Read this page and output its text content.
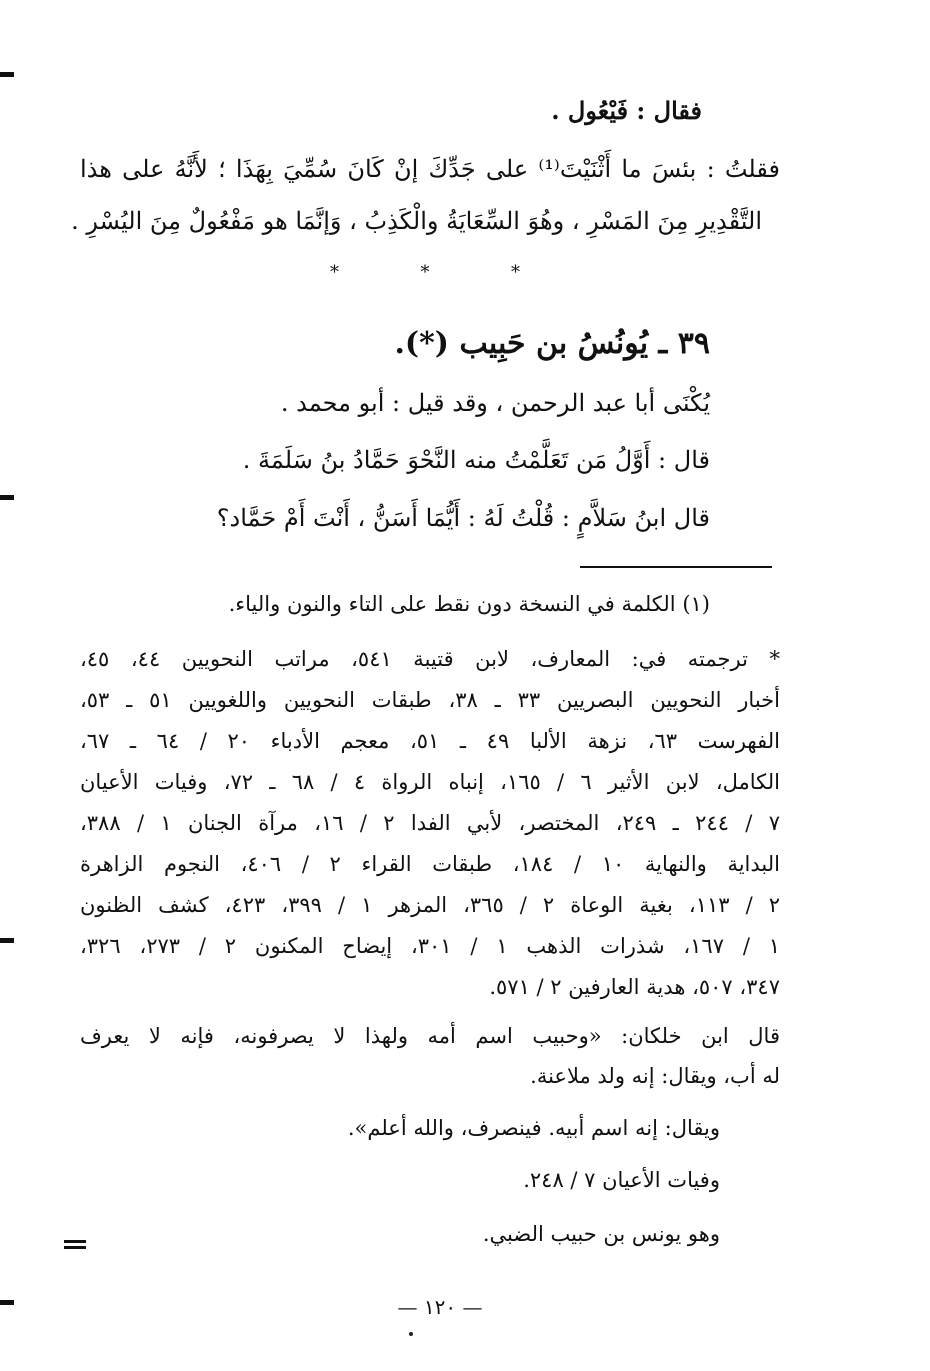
فقال : فَيْعُول .
فقلتُ : بئسَ ما أَثْنَيْتَ⁽¹⁾ على جَدِّكَ إنْ كَانَ سُمِّيَ بِهَذَا ؛ لأَنَّهُ على هذا
التَّقْدِيرِ مِنَ المَسْرِ ، وهُوَ السِّعَايَةُ والْكَذِبُ ، وَإنَّمَا هو مَفْعُولٌ مِنَ اليُسْرِ .
*	*	*
٣٩ ـ يُونُسُ بن حَبِيب (*).
يُكْنَى أبا عبد الرحمن ، وقد قيل : أبو محمد .
قال : أَوَّلُ مَن تَعَلَّمْتُ منه النَّحْوَ حَمَّادُ بنُ سَلَمَةَ .
قال ابنُ سَلاَّمٍ : قُلْتُ لَهُ : أَيُّمَا أَسَنُّ ، أَنْتَ أَمْ حَمَّاد؟
(١) الكلمة في النسخة دون نقط على التاء والنون والياء.
* ترجمته في: المعارف، لابن قتيبة ٥٤١، مراتب النحويين ٤٤، ٤٥،
أخبار النحويين البصريين ٣٣ ـ ٣٨، طبقات النحويين واللغويين ٥١ ـ ٥٣،
الفهرست ٦٣، نزهة الألبا ٤٩ ـ ٥١، معجم الأدباء ٢٠ / ٦٤ ـ ٦٧،
الكامل، لابن الأثير ٦ / ١٦٥، إنباه الرواة ٤ / ٦٨ ـ ٧٢، وفيات الأعيان
٧ / ٢٤٤ ـ ٢٤٩، المختصر، لأبي الفدا ٢ / ١٦، مرآة الجنان ١ / ٣٨٨،
البداية والنهاية ١٠ / ١٨٤، طبقات القراء ٢ / ٤٠٦، النجوم الزاهرة
٢ / ١١٣، بغية الوعاة ٢ / ٣٦٥، المزهر ١ / ٣٩٩، ٤٢٣، كشف الظنون
١ / ١٦٧، شذرات الذهب ١ / ٣٠١، إيضاح المكنون ٢ / ٢٧٣، ٣٢٦،
٣٤٧، ٥٠٧، هدية العارفين ٢ / ٥٧١.
قال ابن خلكان: «وحبيب اسم أمه ولهذا لا يصرفونه، فإنه لا يعرف
له أب، ويقال: إنه ولد ملاعنة.
ويقال: إنه اسم أبيه. فينصرف، والله أعلم».
وفيات الأعيان ٧ / ٢٤٨.
وهو يونس بن حبيب الضبي.
— ١٢٠ —
